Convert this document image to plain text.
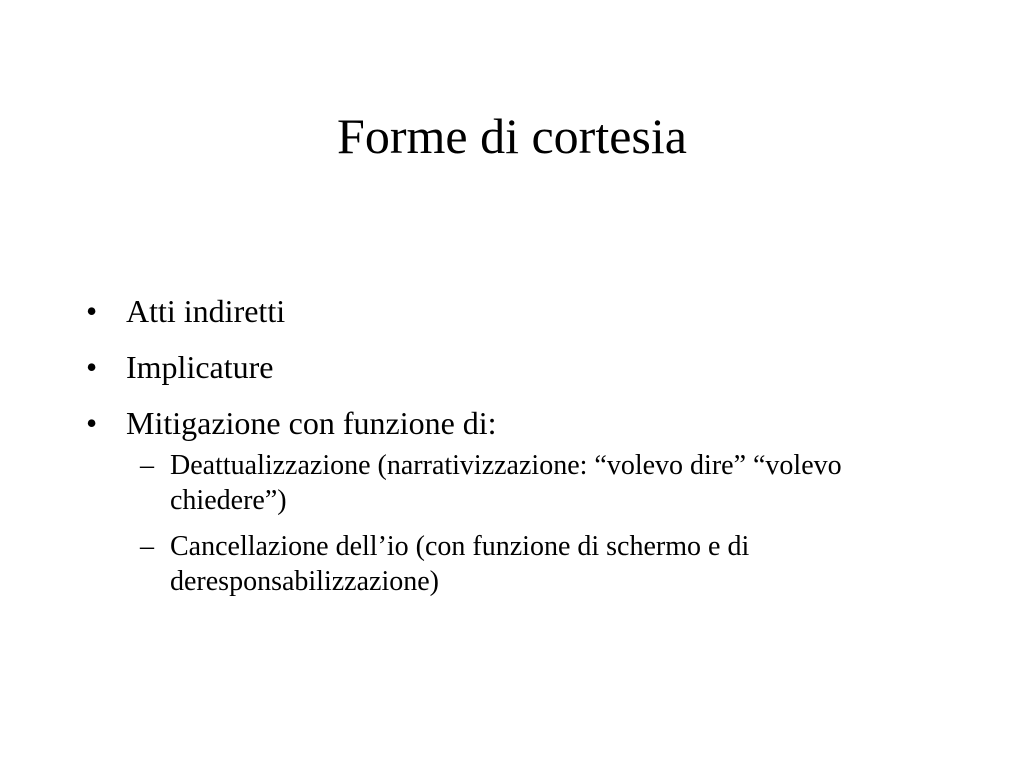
Forme di cortesia
• Atti indiretti
• Implicature
• Mitigazione con funzione di:
– Deattualizzazione (narrativizzazione: “volevo dire” “volevo chiedere”)
– Cancellazione dell’io (con funzione di schermo e di deresponsabilizzazione)
